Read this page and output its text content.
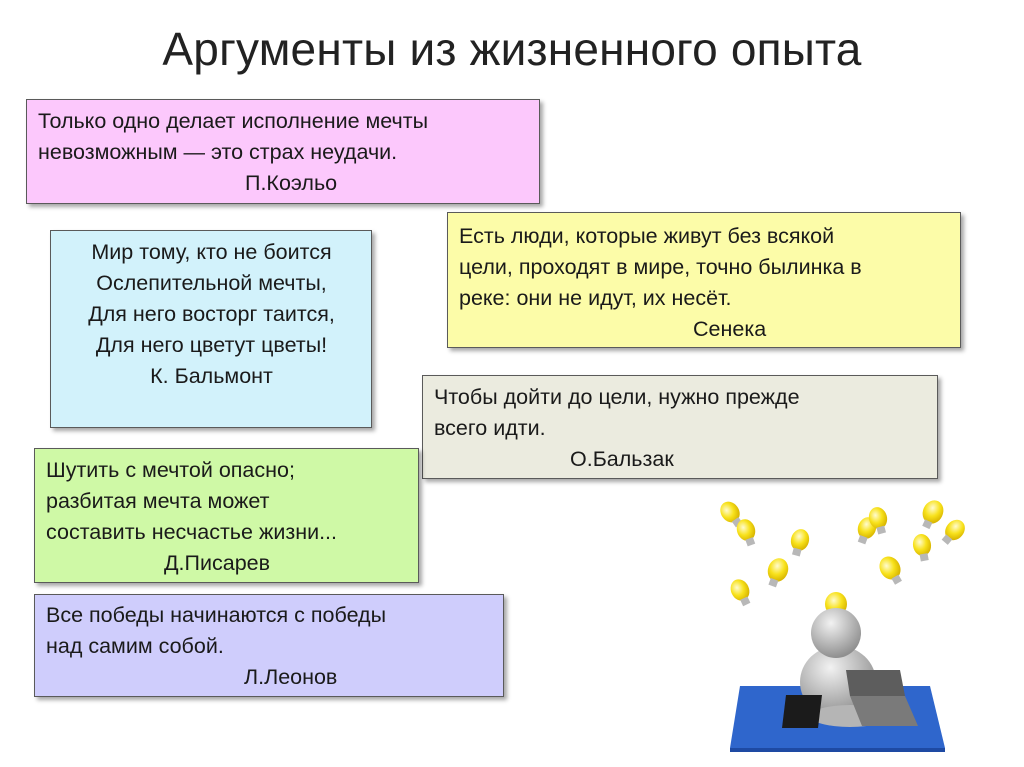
Аргументы из жизненного опыта
Только одно делает исполнение мечты
невозможным — это страх неудачи.
П.Коэльо
Мир тому, кто не боится
Ослепительной мечты,
Для него восторг таится,
Для него цветут цветы!
К. Бальмонт
Есть люди, которые живут без всякой
цели, проходят в мире, точно былинка в
реке: они не идут, их несёт.
Сенека
Чтобы дойти до цели, нужно прежде
всего идти.
О.Бальзак
Шутить с мечтой опасно;
разбитая мечта может
составить несчастье жизни...
Д.Писарев
Все победы начинаются с победы
над самим собой.
Л.Леонов
